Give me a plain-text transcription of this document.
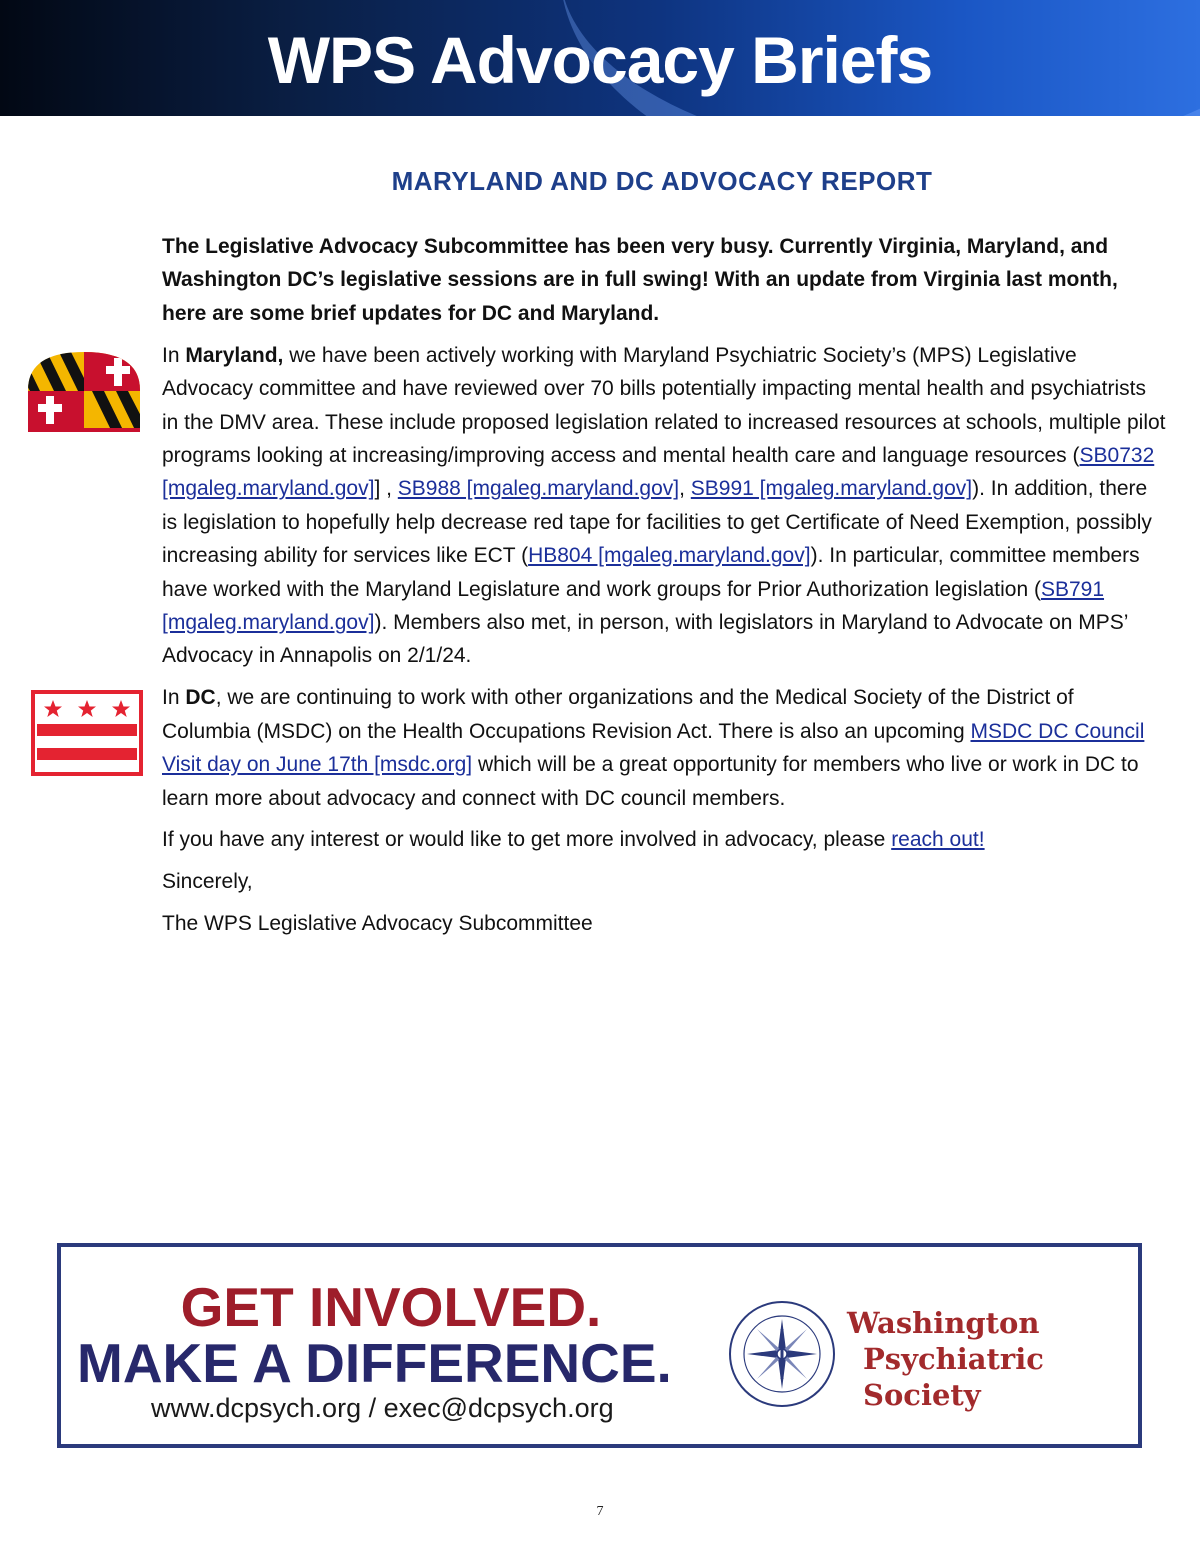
WPS Advocacy Briefs
MARYLAND AND DC ADVOCACY REPORT

The Legislative Advocacy Subcommittee has been very busy. Currently Virginia, Maryland, and Washington DC’s legislative sessions are in full swing! With an update from Virginia last month, here are some brief updates for DC and Maryland.

In Maryland, we have been actively working with Maryland Psychiatric Society’s (MPS) Legislative Advocacy committee and have reviewed over 70 bills potentially impacting mental health and psychiatrists in the DMV area. These include proposed legislation related to increased resources at schools, multiple pilot programs looking at increasing/improving access and mental health care and language resources (SB0732 [mgaleg.maryland.gov]] , SB988 [mgaleg.maryland.gov], SB991 [mgaleg.maryland.gov]). In addition, there is legislation to hopefully help decrease red tape for facilities to get Certificate of Need Exemption, possibly increasing ability for services like ECT (HB804 [mgaleg.maryland.gov]). In particular, committee members have worked with the Maryland Legislature and work groups for Prior Authorization legislation (SB791 [mgaleg.maryland.gov]). Members also met, in person, with legislators in Maryland to Advocate on MPS’ Advocacy in Annapolis on 2/1/24.

In DC, we are continuing to work with other organizations and the Medical Society of the District of Columbia (MSDC) on the Health Occupations Revision Act. There is also an upcoming MSDC DC Council Visit day on June 17th [msdc.org] which will be a great opportunity for members who live or work in DC to learn more about advocacy and connect with DC council members.

If you have any interest or would like to get more involved in advocacy, please reach out!

Sincerely,

The WPS Legislative Advocacy Subcommittee

GET INVOLVED.
MAKE A DIFFERENCE.
www.dcpsych.org / exec@dcpsych.org
Washington
Psychiatric Society
7
